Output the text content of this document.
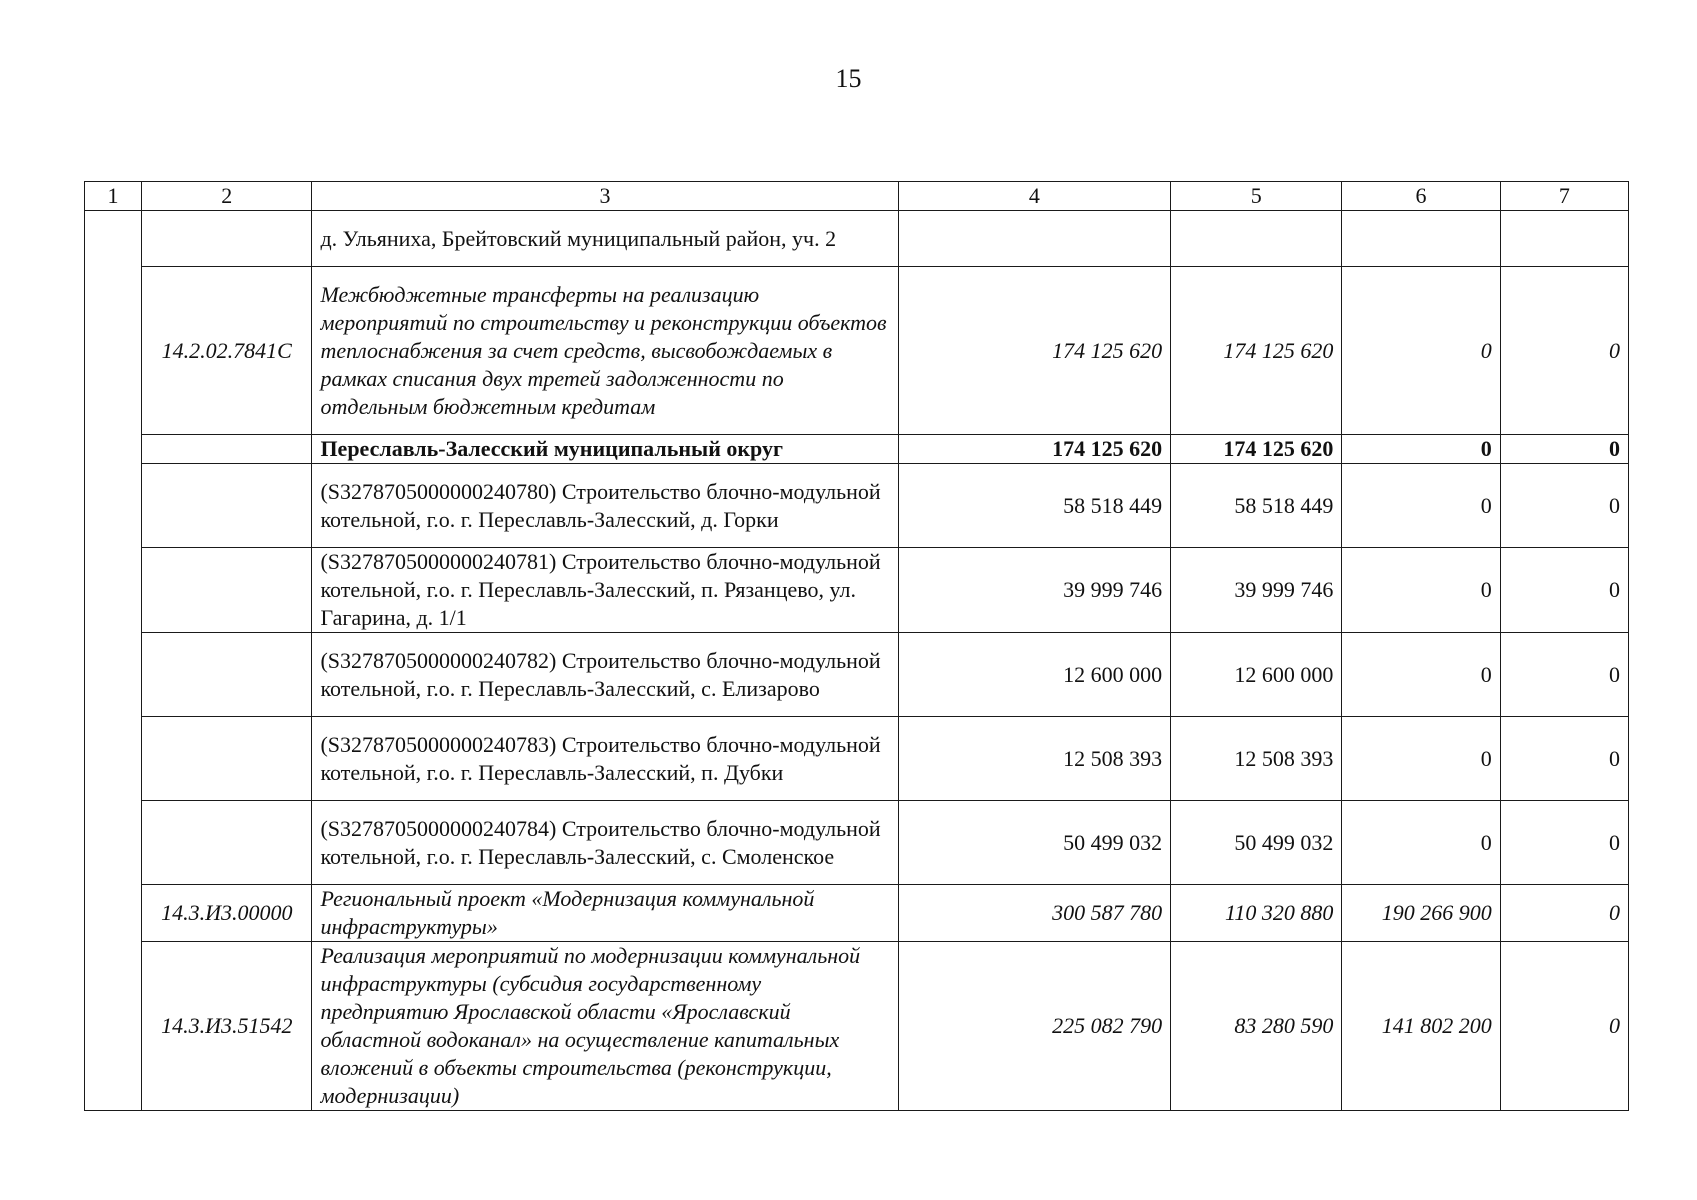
15
1	2	3	4	5	6	7
		д. Ульяниха, Брейтовский муниципальный район, уч. 2				
	14.2.02.7841С	Межбюджетные трансферты на реализацию мероприятий по строительству и реконструкции объектов теплоснабжения за счет средств, высвобождаемых в рамках списания двух третей задолженности по отдельным бюджетным кредитам	174 125 620	174 125 620	0	0
		Переславль-Залесский муниципальный округ	174 125 620	174 125 620	0	0
		(S3278705000000240780) Строительство блочно-модульной котельной, г.о. г. Переславль-Залесский, д. Горки	58 518 449	58 518 449	0	0
		(S3278705000000240781) Строительство блочно-модульной котельной, г.о. г. Переславль-Залесский, п. Рязанцево, ул. Гагарина, д. 1/1	39 999 746	39 999 746	0	0
		(S3278705000000240782) Строительство блочно-модульной котельной, г.о. г. Переславль-Залесский, с. Елизарово	12 600 000	12 600 000	0	0
		(S3278705000000240783) Строительство блочно-модульной котельной, г.о. г. Переславль-Залесский, п. Дубки	12 508 393	12 508 393	0	0
		(S3278705000000240784) Строительство блочно-модульной котельной, г.о. г. Переславль-Залесский, с. Смоленское	50 499 032	50 499 032	0	0
	14.3.И3.00000	Региональный проект «Модернизация коммунальной инфраструктуры»	300 587 780	110 320 880	190 266 900	0
	14.3.И3.51542	Реализация мероприятий по модернизации коммунальной инфраструктуры (субсидия государственному предприятию Ярославской области «Ярославский областной водоканал» на осуществление капитальных вложений в объекты строительства (реконструкции, модернизации)	225 082 790	83 280 590	141 802 200	0
